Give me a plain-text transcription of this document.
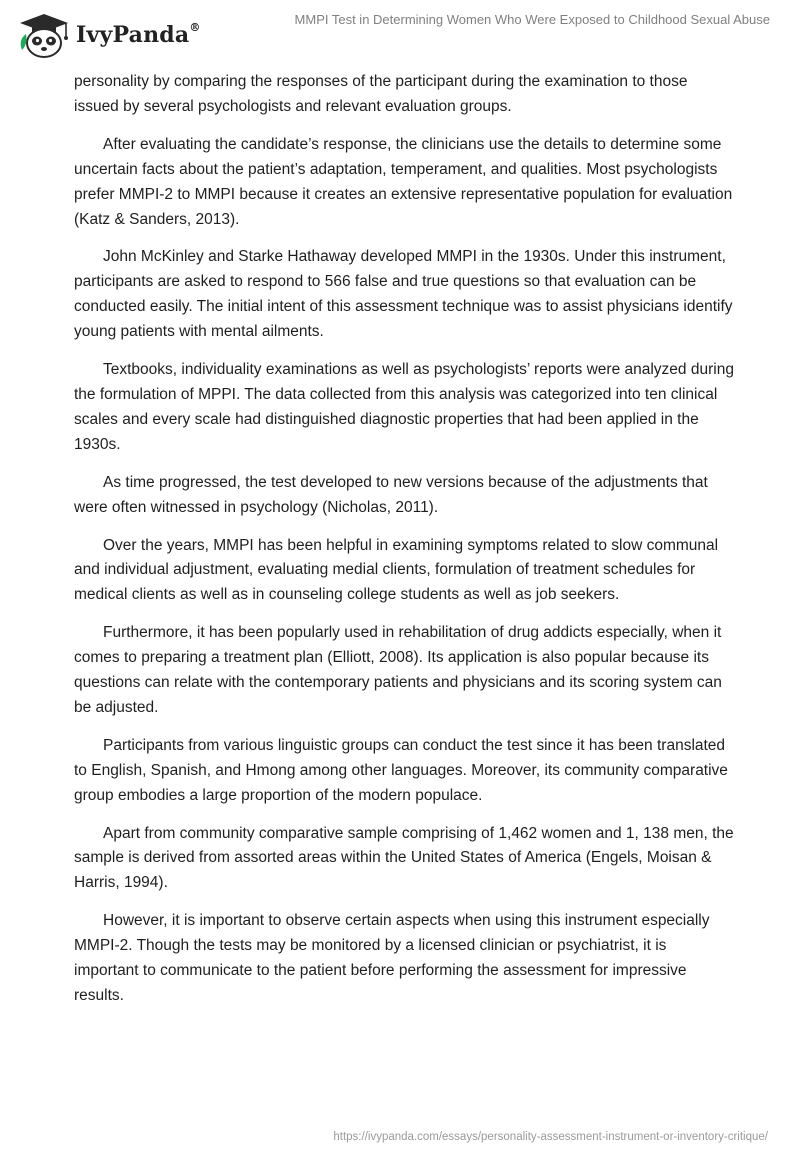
IvyPanda®
MMPI Test in Determining Women Who Were Exposed to Childhood Sexual Abuse

personality by comparing the responses of the participant during the examination to those issued by several psychologists and relevant evaluation groups.

After evaluating the candidate’s response, the clinicians use the details to determine some uncertain facts about the patient’s adaptation, temperament, and qualities. Most psychologists prefer MMPI-2 to MMPI because it creates an extensive representative population for evaluation (Katz & Sanders, 2013).

John McKinley and Starke Hathaway developed MMPI in the 1930s. Under this instrument, participants are asked to respond to 566 false and true questions so that evaluation can be conducted easily. The initial intent of this assessment technique was to assist physicians identify young patients with mental ailments.

Textbooks, individuality examinations as well as psychologists’ reports were analyzed during the formulation of MPPI. The data collected from this analysis was categorized into ten clinical scales and every scale had distinguished diagnostic properties that had been applied in the 1930s.

As time progressed, the test developed to new versions because of the adjustments that were often witnessed in psychology (Nicholas, 2011).

Over the years, MMPI has been helpful in examining symptoms related to slow communal and individual adjustment, evaluating medial clients, formulation of treatment schedules for medical clients as well as in counseling college students as well as job seekers.

Furthermore, it has been popularly used in rehabilitation of drug addicts especially, when it comes to preparing a treatment plan (Elliott, 2008). Its application is also popular because its questions can relate with the contemporary patients and physicians and its scoring system can be adjusted.

Participants from various linguistic groups can conduct the test since it has been translated to English, Spanish, and Hmong among other languages. Moreover, its community comparative group embodies a large proportion of the modern populace.

Apart from community comparative sample comprising of 1,462 women and 1, 138 men, the sample is derived from assorted areas within the United States of America (Engels, Moisan & Harris, 1994).

However, it is important to observe certain aspects when using this instrument especially MMPI-2. Though the tests may be monitored by a licensed clinician or psychiatrist, it is important to communicate to the patient before performing the assessment for impressive results.

https://ivypanda.com/essays/personality-assessment-instrument-or-inventory-critique/
